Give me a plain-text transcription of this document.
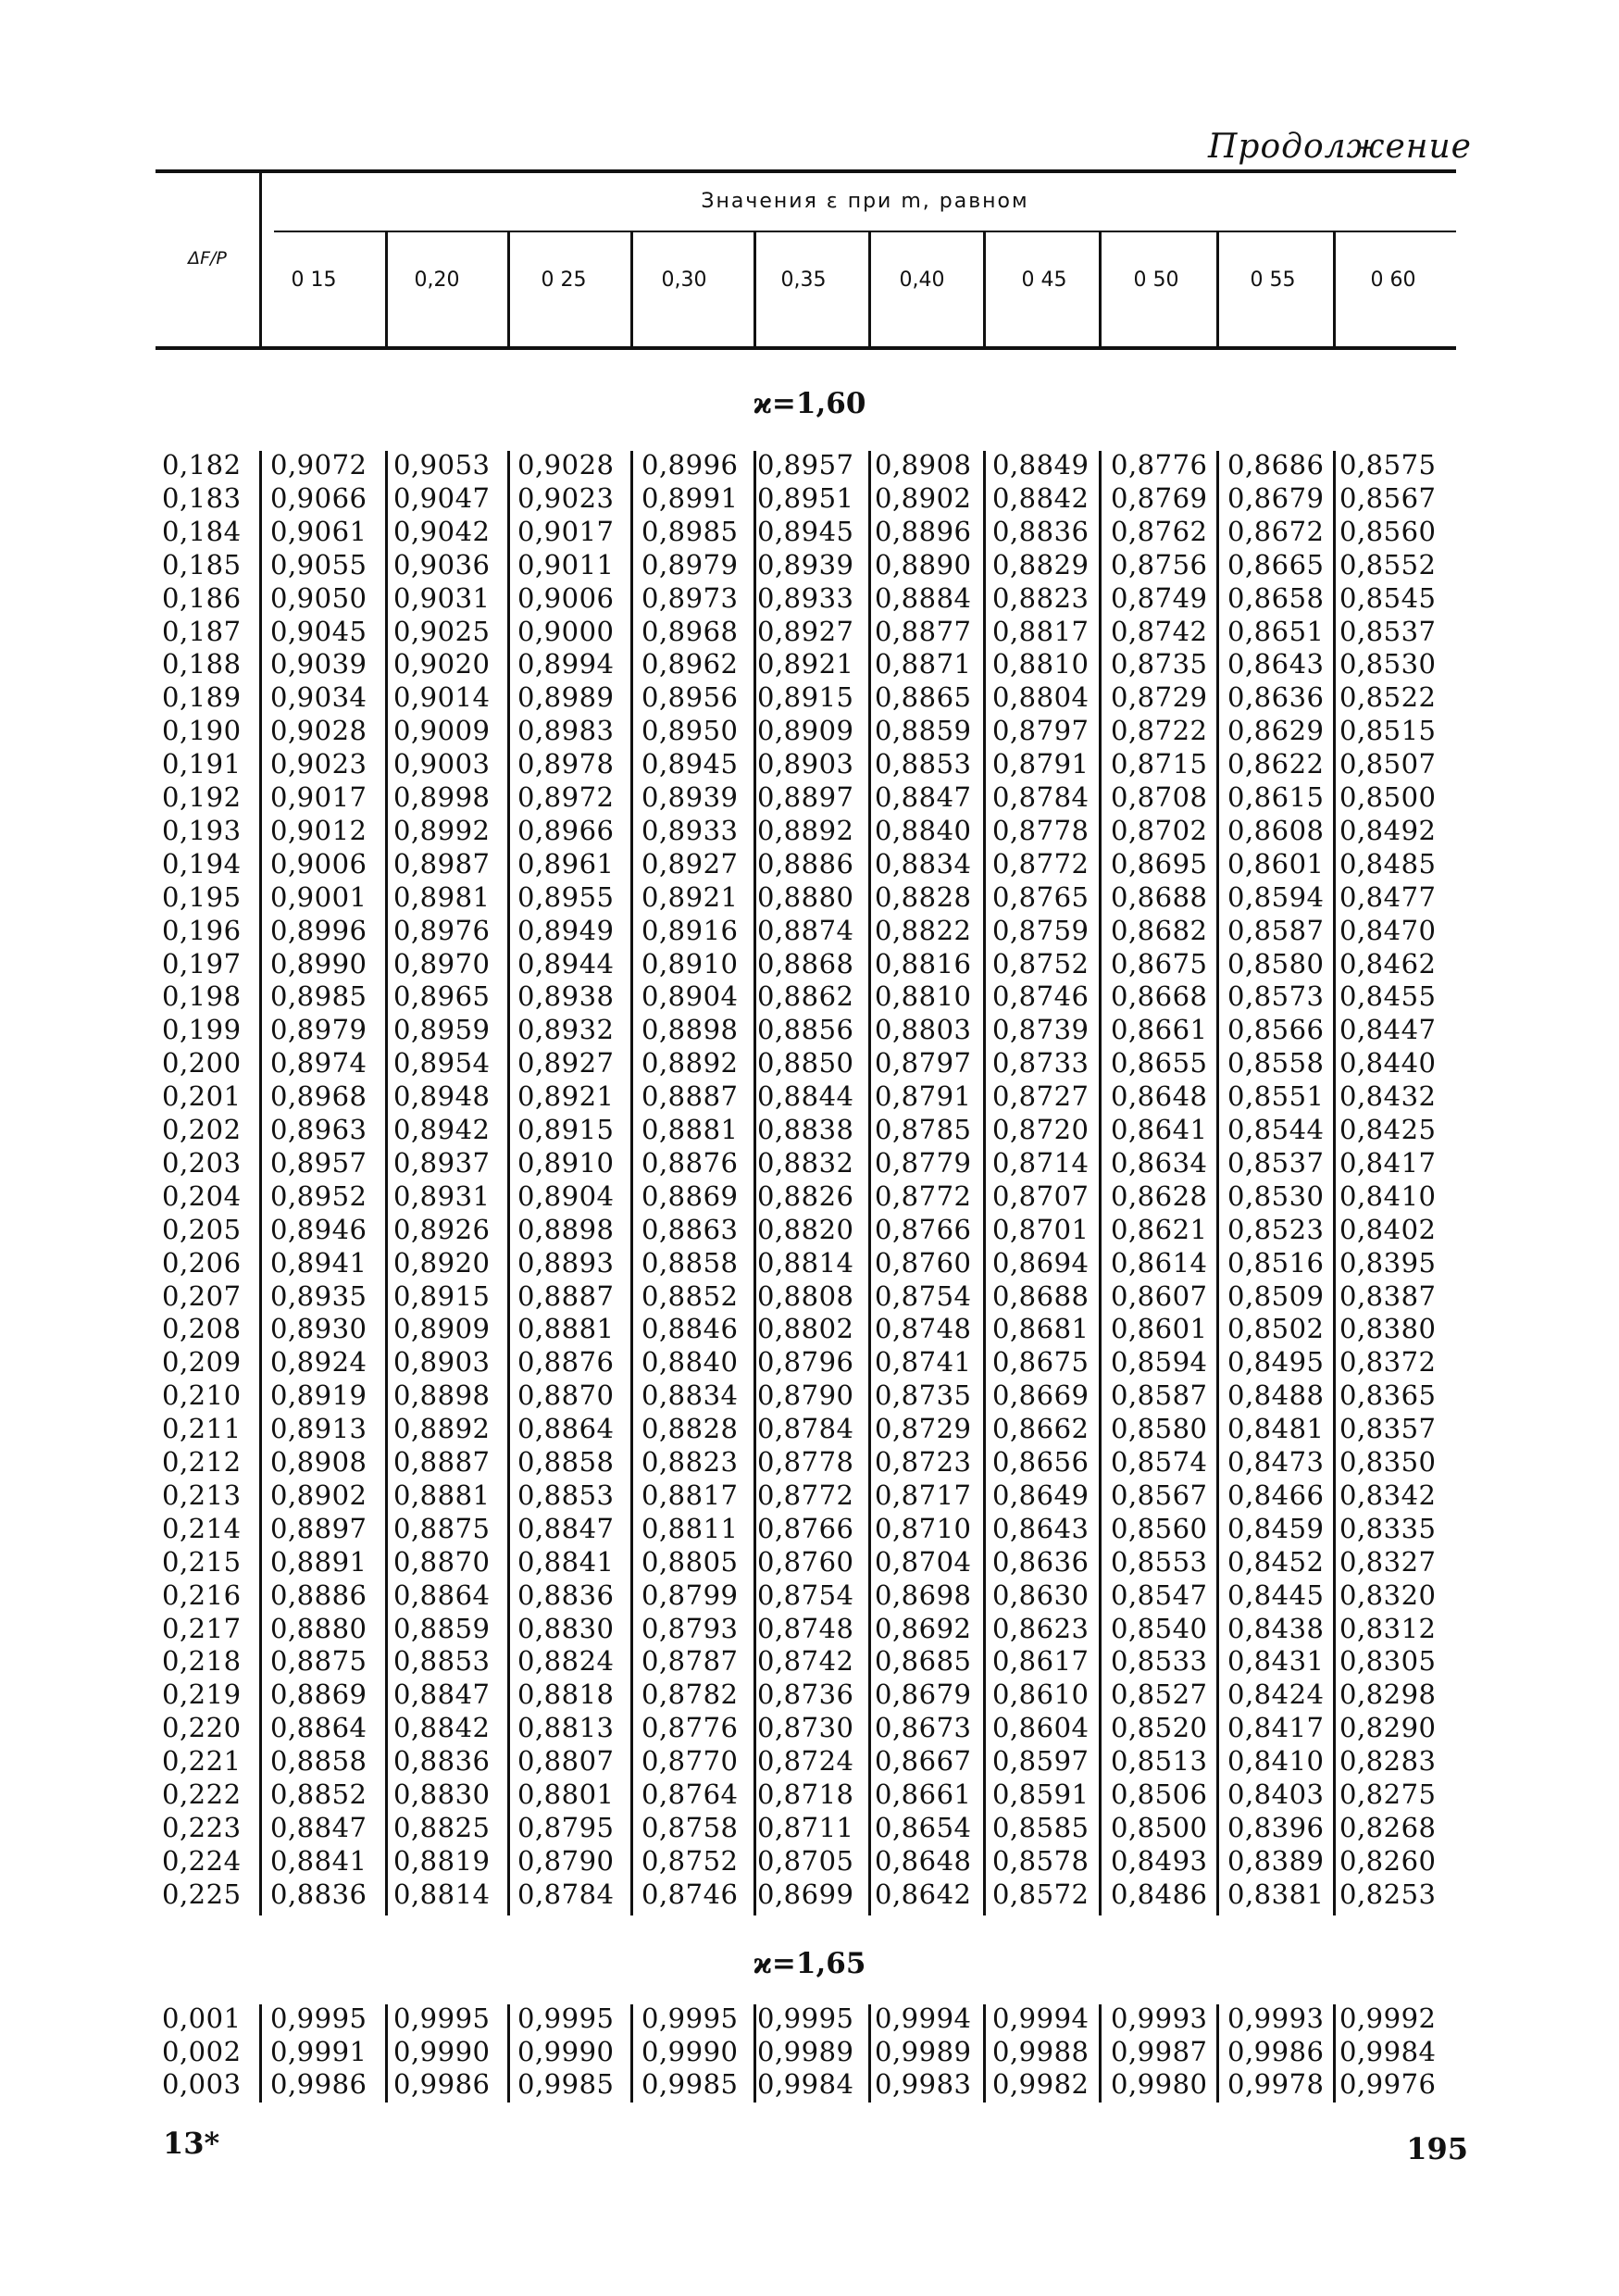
Продолжение
ΔF/P
Значения ε при m, равном
0 15	0,20	0 25	0,30	0,35	0,40	0 45	0 50	0 55	0 60
ϰ=1,60
0,182 0,9072 0,9053 0,9028 0,8996 0,8957 0,8908 0,8849 0,8776 0,8686 0,8575
0,183 0,9066 0,9047 0,9023 0,8991 0,8951 0,8902 0,8842 0,8769 0,8679 0,8567
0,184 0,9061 0,9042 0,9017 0,8985 0,8945 0,8896 0,8836 0,8762 0,8672 0,8560
0,185 0,9055 0,9036 0,9011 0,8979 0,8939 0,8890 0,8829 0,8756 0,8665 0,8552
0,186 0,9050 0,9031 0,9006 0,8973 0,8933 0,8884 0,8823 0,8749 0,8658 0,8545
0,187 0,9045 0,9025 0,9000 0,8968 0,8927 0,8877 0,8817 0,8742 0,8651 0,8537
0,188 0,9039 0,9020 0,8994 0,8962 0,8921 0,8871 0,8810 0,8735 0,8643 0,8530
0,189 0,9034 0,9014 0,8989 0,8956 0,8915 0,8865 0,8804 0,8729 0,8636 0,8522
0,190 0,9028 0,9009 0,8983 0,8950 0,8909 0,8859 0,8797 0,8722 0,8629 0,8515
0,191 0,9023 0,9003 0,8978 0,8945 0,8903 0,8853 0,8791 0,8715 0,8622 0,8507
0,192 0,9017 0,8998 0,8972 0,8939 0,8897 0,8847 0,8784 0,8708 0,8615 0,8500
0,193 0,9012 0,8992 0,8966 0,8933 0,8892 0,8840 0,8778 0,8702 0,8608 0,8492
0,194 0,9006 0,8987 0,8961 0,8927 0,8886 0,8834 0,8772 0,8695 0,8601 0,8485
0,195 0,9001 0,8981 0,8955 0,8921 0,8880 0,8828 0,8765 0,8688 0,8594 0,8477
0,196 0,8996 0,8976 0,8949 0,8916 0,8874 0,8822 0,8759 0,8682 0,8587 0,8470
0,197 0,8990 0,8970 0,8944 0,8910 0,8868 0,8816 0,8752 0,8675 0,8580 0,8462
0,198 0,8985 0,8965 0,8938 0,8904 0,8862 0,8810 0,8746 0,8668 0,8573 0,8455
0,199 0,8979 0,8959 0,8932 0,8898 0,8856 0,8803 0,8739 0,8661 0,8566 0,8447
0,200 0,8974 0,8954 0,8927 0,8892 0,8850 0,8797 0,8733 0,8655 0,8558 0,8440
0,201 0,8968 0,8948 0,8921 0,8887 0,8844 0,8791 0,8727 0,8648 0,8551 0,8432
0,202 0,8963 0,8942 0,8915 0,8881 0,8838 0,8785 0,8720 0,8641 0,8544 0,8425
0,203 0,8957 0,8937 0,8910 0,8876 0,8832 0,8779 0,8714 0,8634 0,8537 0,8417
0,204 0,8952 0,8931 0,8904 0,8869 0,8826 0,8772 0,8707 0,8628 0,8530 0,8410
0,205 0,8946 0,8926 0,8898 0,8863 0,8820 0,8766 0,8701 0,8621 0,8523 0,8402
0,206 0,8941 0,8920 0,8893 0,8858 0,8814 0,8760 0,8694 0,8614 0,8516 0,8395
0,207 0,8935 0,8915 0,8887 0,8852 0,8808 0,8754 0,8688 0,8607 0,8509 0,8387
0,208 0,8930 0,8909 0,8881 0,8846 0,8802 0,8748 0,8681 0,8601 0,8502 0,8380
0,209 0,8924 0,8903 0,8876 0,8840 0,8796 0,8741 0,8675 0,8594 0,8495 0,8372
0,210 0,8919 0,8898 0,8870 0,8834 0,8790 0,8735 0,8669 0,8587 0,8488 0,8365
0,211 0,8913 0,8892 0,8864 0,8828 0,8784 0,8729 0,8662 0,8580 0,8481 0,8357
0,212 0,8908 0,8887 0,8858 0,8823 0,8778 0,8723 0,8656 0,8574 0,8473 0,8350
0,213 0,8902 0,8881 0,8853 0,8817 0,8772 0,8717 0,8649 0,8567 0,8466 0,8342
0,214 0,8897 0,8875 0,8847 0,8811 0,8766 0,8710 0,8643 0,8560 0,8459 0,8335
0,215 0,8891 0,8870 0,8841 0,8805 0,8760 0,8704 0,8636 0,8553 0,8452 0,8327
0,216 0,8886 0,8864 0,8836 0,8799 0,8754 0,8698 0,8630 0,8547 0,8445 0,8320
0,217 0,8880 0,8859 0,8830 0,8793 0,8748 0,8692 0,8623 0,8540 0,8438 0,8312
0,218 0,8875 0,8853 0,8824 0,8787 0,8742 0,8685 0,8617 0,8533 0,8431 0,8305
0,219 0,8869 0,8847 0,8818 0,8782 0,8736 0,8679 0,8610 0,8527 0,8424 0,8298
0,220 0,8864 0,8842 0,8813 0,8776 0,8730 0,8673 0,8604 0,8520 0,8417 0,8290
0,221 0,8858 0,8836 0,8807 0,8770 0,8724 0,8667 0,8597 0,8513 0,8410 0,8283
0,222 0,8852 0,8830 0,8801 0,8764 0,8718 0,8661 0,8591 0,8506 0,8403 0,8275
0,223 0,8847 0,8825 0,8795 0,8758 0,8711 0,8654 0,8585 0,8500 0,8396 0,8268
0,224 0,8841 0,8819 0,8790 0,8752 0,8705 0,8648 0,8578 0,8493 0,8389 0,8260
0,225 0,8836 0,8814 0,8784 0,8746 0,8699 0,8642 0,8572 0,8486 0,8381 0,8253
ϰ=1,65
0,001 0,9995 0,9995 0,9995 0,9995 0,9995 0,9994 0,9994 0,9993 0,9993 0,9992
0,002 0,9991 0,9990 0,9990 0,9990 0,9989 0,9989 0,9988 0,9987 0,9986 0,9984
0,003 0,9986 0,9986 0,9985 0,9985 0,9984 0,9983 0,9982 0,9980 0,9978 0,9976
13*	195
